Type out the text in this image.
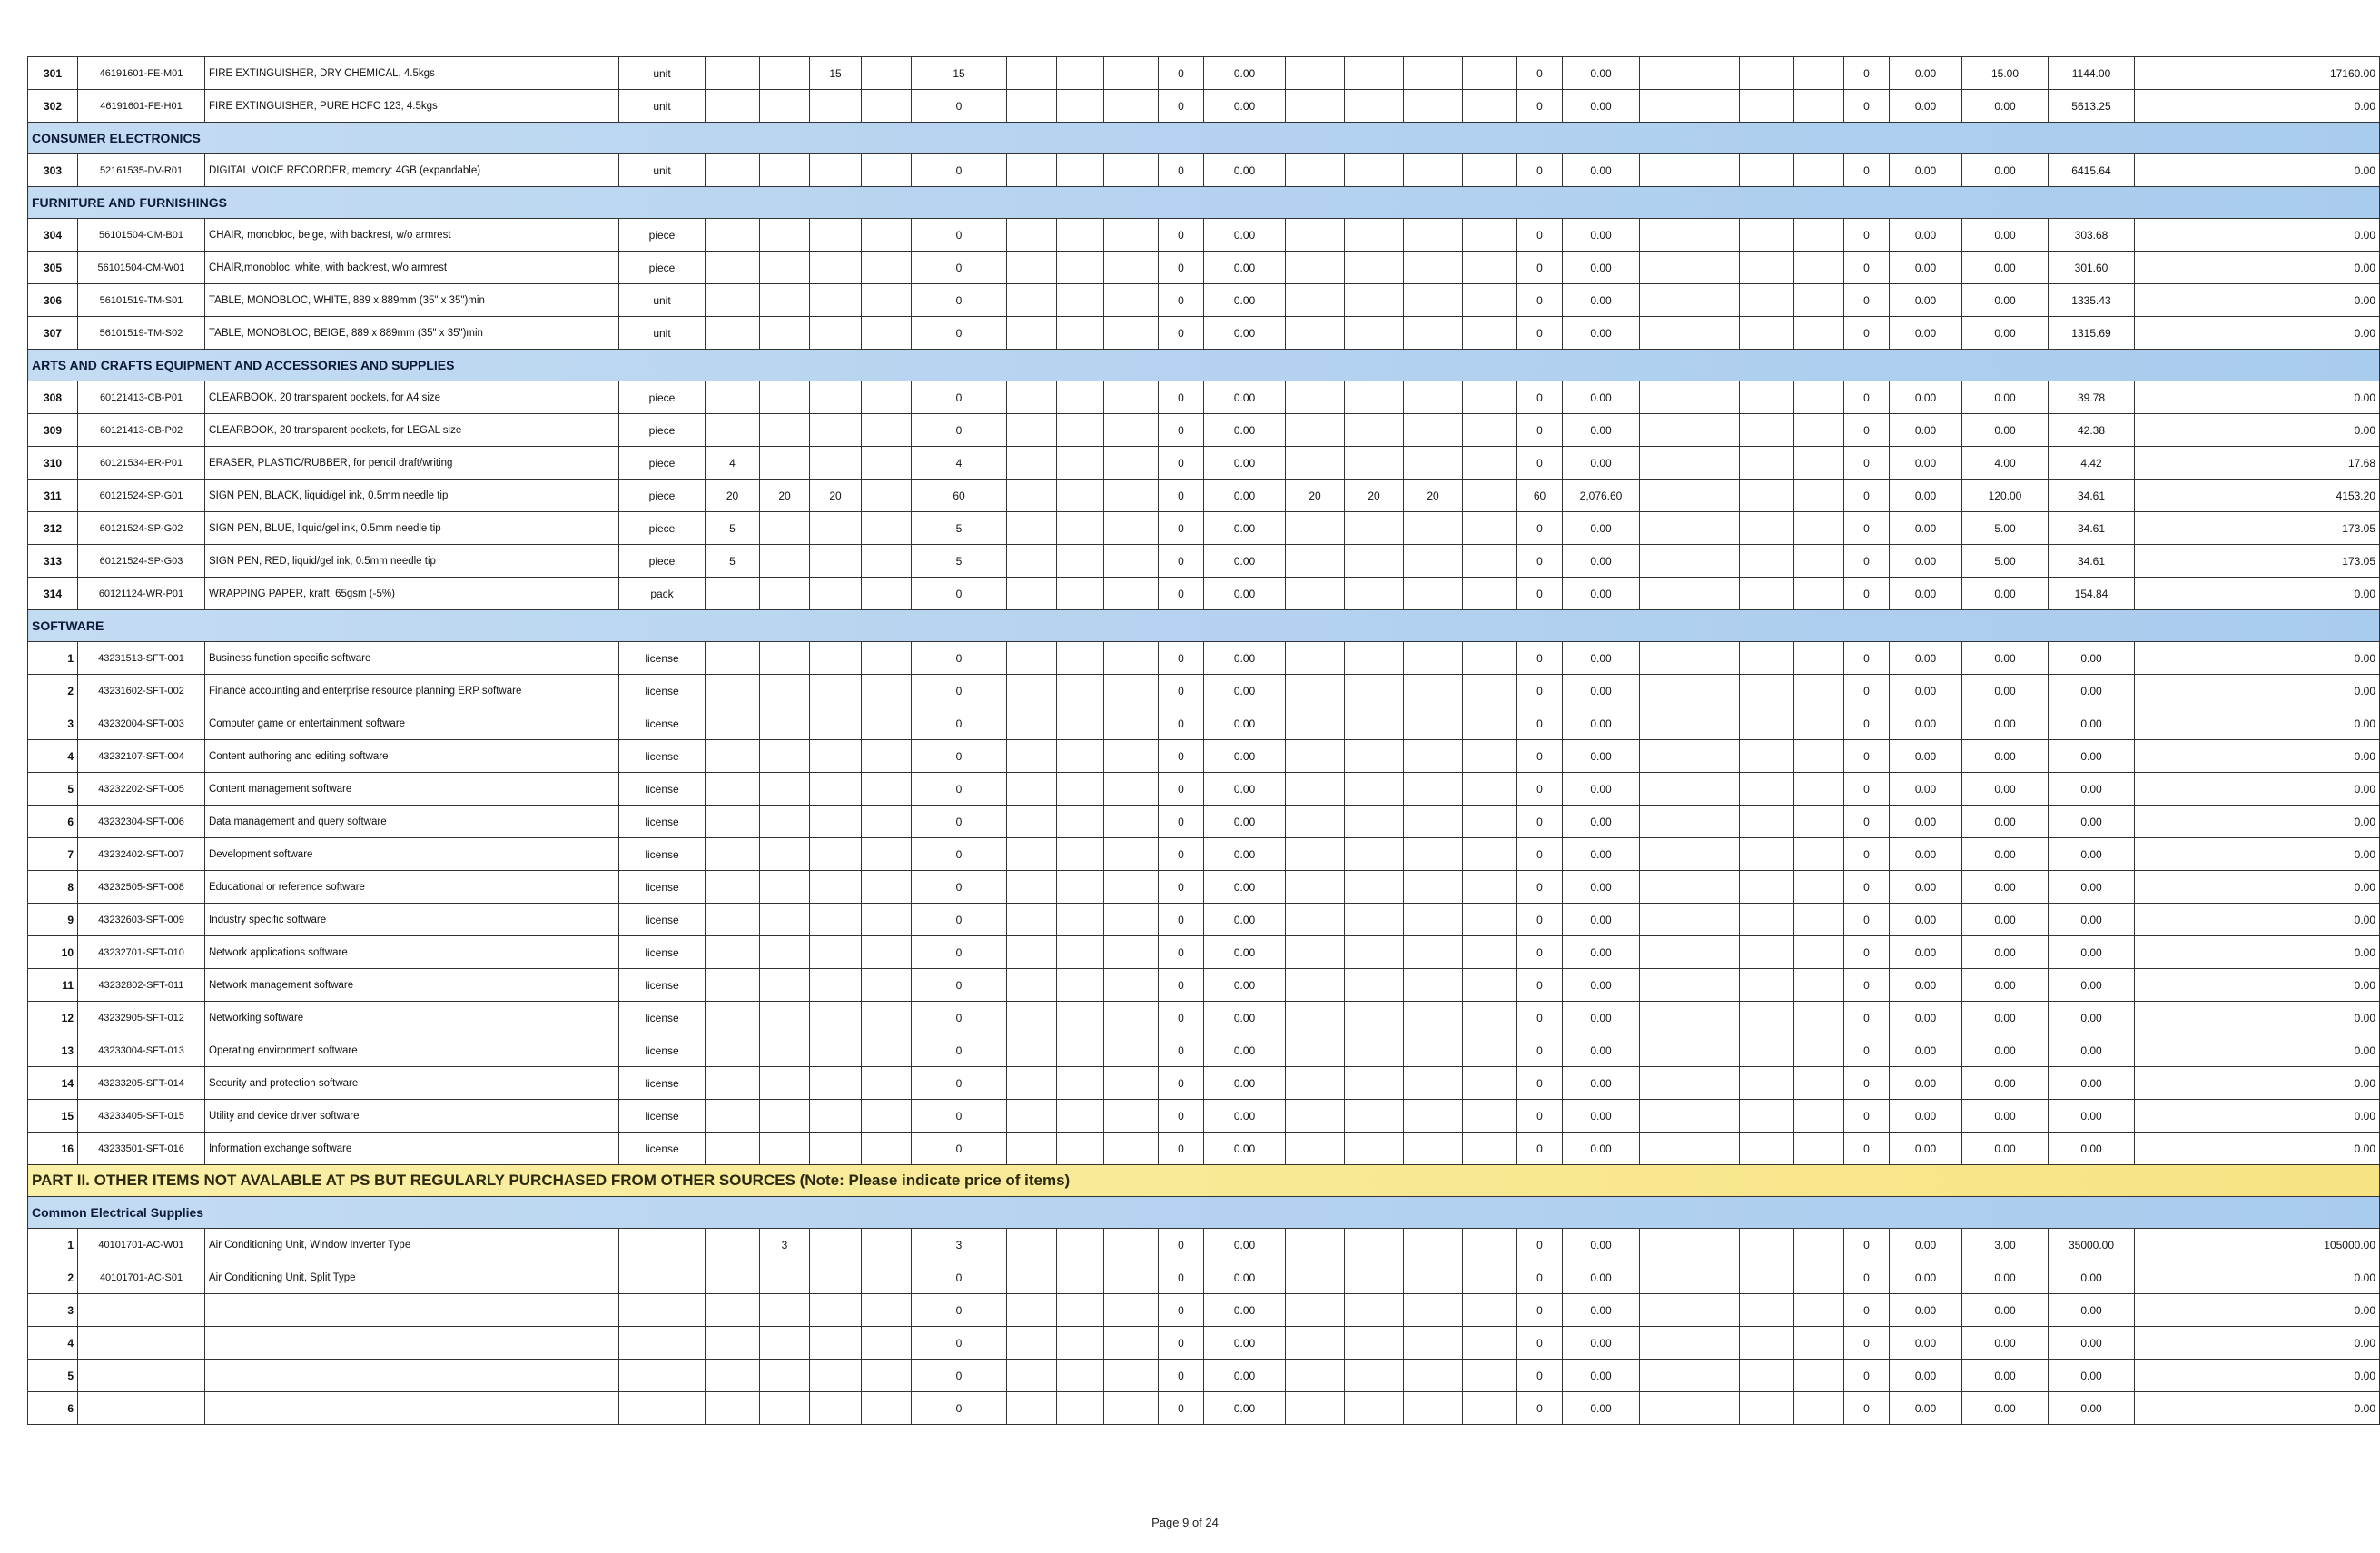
301	46191601-FE-M01	FIRE EXTINGUISHER, DRY CHEMICAL, 4.5kgs	unit			15		15				0	0.00					0	0.00					0	0.00	15.00	1144.00	17160.00
302	46191601-FE-H01	FIRE EXTINGUISHER, PURE HCFC 123, 4.5kgs	unit					0				0	0.00					0	0.00					0	0.00	0.00	5613.25	0.00
CONSUMER ELECTRONICS																												
303	52161535-DV-R01	DIGITAL VOICE RECORDER, memory: 4GB (expandable)	unit					0				0	0.00					0	0.00					0	0.00	0.00	6415.64	0.00
FURNITURE AND FURNISHINGS																												
304	56101504-CM-B01	CHAIR, monobloc, beige, with backrest, w/o armrest	piece					0				0	0.00					0	0.00					0	0.00	0.00	303.68	0.00
305	56101504-CM-W01	CHAIR,monobloc, white, with backrest, w/o armrest	piece					0				0	0.00					0	0.00					0	0.00	0.00	301.60	0.00
306	56101519-TM-S01	TABLE, MONOBLOC, WHITE, 889 x 889mm (35" x 35")min	unit					0				0	0.00					0	0.00					0	0.00	0.00	1335.43	0.00
307	56101519-TM-S02	TABLE, MONOBLOC, BEIGE, 889 x 889mm (35" x 35")min	unit					0				0	0.00					0	0.00					0	0.00	0.00	1315.69	0.00
ARTS AND CRAFTS EQUIPMENT AND ACCESSORIES AND SUPPLIES																												
308	60121413-CB-P01	CLEARBOOK, 20 transparent pockets, for A4 size	piece					0				0	0.00					0	0.00					0	0.00	0.00	39.78	0.00
309	60121413-CB-P02	CLEARBOOK, 20 transparent pockets, for LEGAL size	piece					0				0	0.00					0	0.00					0	0.00	0.00	42.38	0.00
310	60121534-ER-P01	ERASER, PLASTIC/RUBBER, for pencil draft/writing	piece	4				4				0	0.00					0	0.00					0	0.00	4.00	4.42	17.68
311	60121524-SP-G01	SIGN PEN, BLACK, liquid/gel ink, 0.5mm needle tip	piece	20	20	20		60				0	0.00	20	20	20		60	2,076.60					0	0.00	120.00	34.61	4153.20
312	60121524-SP-G02	SIGN PEN, BLUE, liquid/gel ink, 0.5mm needle tip	piece	5				5				0	0.00					0	0.00					0	0.00	5.00	34.61	173.05
313	60121524-SP-G03	SIGN PEN, RED, liquid/gel ink, 0.5mm needle tip	piece	5				5				0	0.00					0	0.00					0	0.00	5.00	34.61	173.05
314	60121124-WR-P01	WRAPPING PAPER, kraft, 65gsm (-5%)	pack					0				0	0.00					0	0.00					0	0.00	0.00	154.84	0.00
SOFTWARE																												
1	43231513-SFT-001	Business function specific software	license					0				0	0.00					0	0.00					0	0.00	0.00	0.00	0.00
2	43231602-SFT-002	Finance accounting and enterprise resource planning ERP software	license					0				0	0.00					0	0.00					0	0.00	0.00	0.00	0.00
3	43232004-SFT-003	Computer game or entertainment software	license					0				0	0.00					0	0.00					0	0.00	0.00	0.00	0.00
4	43232107-SFT-004	Content authoring and editing software	license					0				0	0.00					0	0.00					0	0.00	0.00	0.00	0.00
5	43232202-SFT-005	Content management software	license					0				0	0.00					0	0.00					0	0.00	0.00	0.00	0.00
6	43232304-SFT-006	Data management and query software	license					0				0	0.00					0	0.00					0	0.00	0.00	0.00	0.00
7	43232402-SFT-007	Development software	license					0				0	0.00					0	0.00					0	0.00	0.00	0.00	0.00
8	43232505-SFT-008	Educational or reference software	license					0				0	0.00					0	0.00					0	0.00	0.00	0.00	0.00
9	43232603-SFT-009	Industry specific software	license					0				0	0.00					0	0.00					0	0.00	0.00	0.00	0.00
10	43232701-SFT-010	Network applications software	license					0				0	0.00					0	0.00					0	0.00	0.00	0.00	0.00
11	43232802-SFT-011	Network management software	license					0				0	0.00					0	0.00					0	0.00	0.00	0.00	0.00
12	43232905-SFT-012	Networking software	license					0				0	0.00					0	0.00					0	0.00	0.00	0.00	0.00
13	43233004-SFT-013	Operating environment software	license					0				0	0.00					0	0.00					0	0.00	0.00	0.00	0.00
14	43233205-SFT-014	Security and protection software	license					0				0	0.00					0	0.00					0	0.00	0.00	0.00	0.00
15	43233405-SFT-015	Utility and device driver software	license					0				0	0.00					0	0.00					0	0.00	0.00	0.00	0.00
16	43233501-SFT-016	Information exchange software	license					0				0	0.00					0	0.00					0	0.00	0.00	0.00	0.00
PART II. OTHER ITEMS NOT AVALABLE AT PS BUT REGULARLY PURCHASED FROM OTHER SOURCES (Note: Please indicate price of items)																												
Common Electrical Supplies																												
1	40101701-AC-W01	Air Conditioning Unit, Window Inverter Type			3			3				0	0.00					0	0.00					0	0.00	3.00	35000.00	105000.00
2	40101701-AC-S01	Air Conditioning Unit, Split Type						0				0	0.00					0	0.00					0	0.00	0.00	0.00	0.00
3								0				0	0.00					0	0.00					0	0.00	0.00	0.00	0.00
4								0				0	0.00					0	0.00					0	0.00	0.00	0.00	0.00
5								0				0	0.00					0	0.00					0	0.00	0.00	0.00	0.00
6								0				0	0.00					0	0.00					0	0.00	0.00	0.00	0.00
Page 9 of 24
